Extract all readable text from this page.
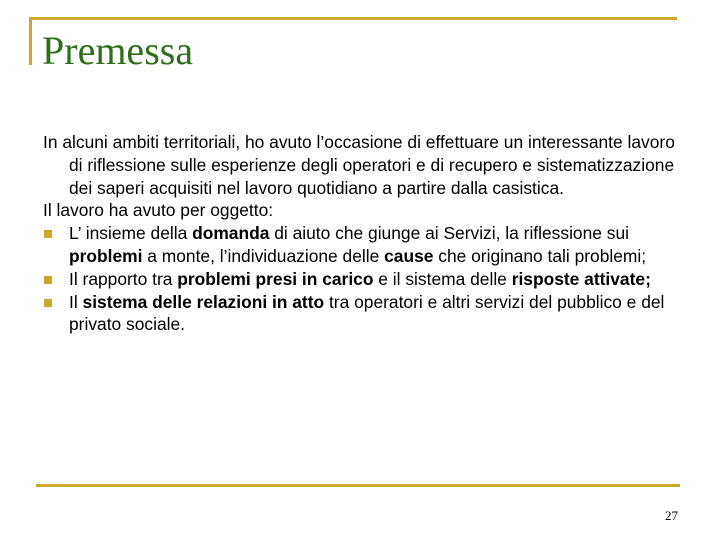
Premessa

In alcuni ambiti territoriali, ho avuto l’occasione di effettuare un interessante lavoro di riflessione sulle esperienze degli operatori e di recupero e sistematizzazione dei saperi acquisiti nel lavoro quotidiano a partire dalla casistica.

Il lavoro ha avuto per oggetto:

L’ insieme della domanda di aiuto che giunge ai Servizi, la riflessione sui problemi a monte, l’individuazione delle cause che originano tali problemi;
Il rapporto tra problemi presi in carico e il sistema delle risposte attivate;
Il sistema delle relazioni in atto tra operatori e altri servizi del pubblico e del privato sociale.
27
